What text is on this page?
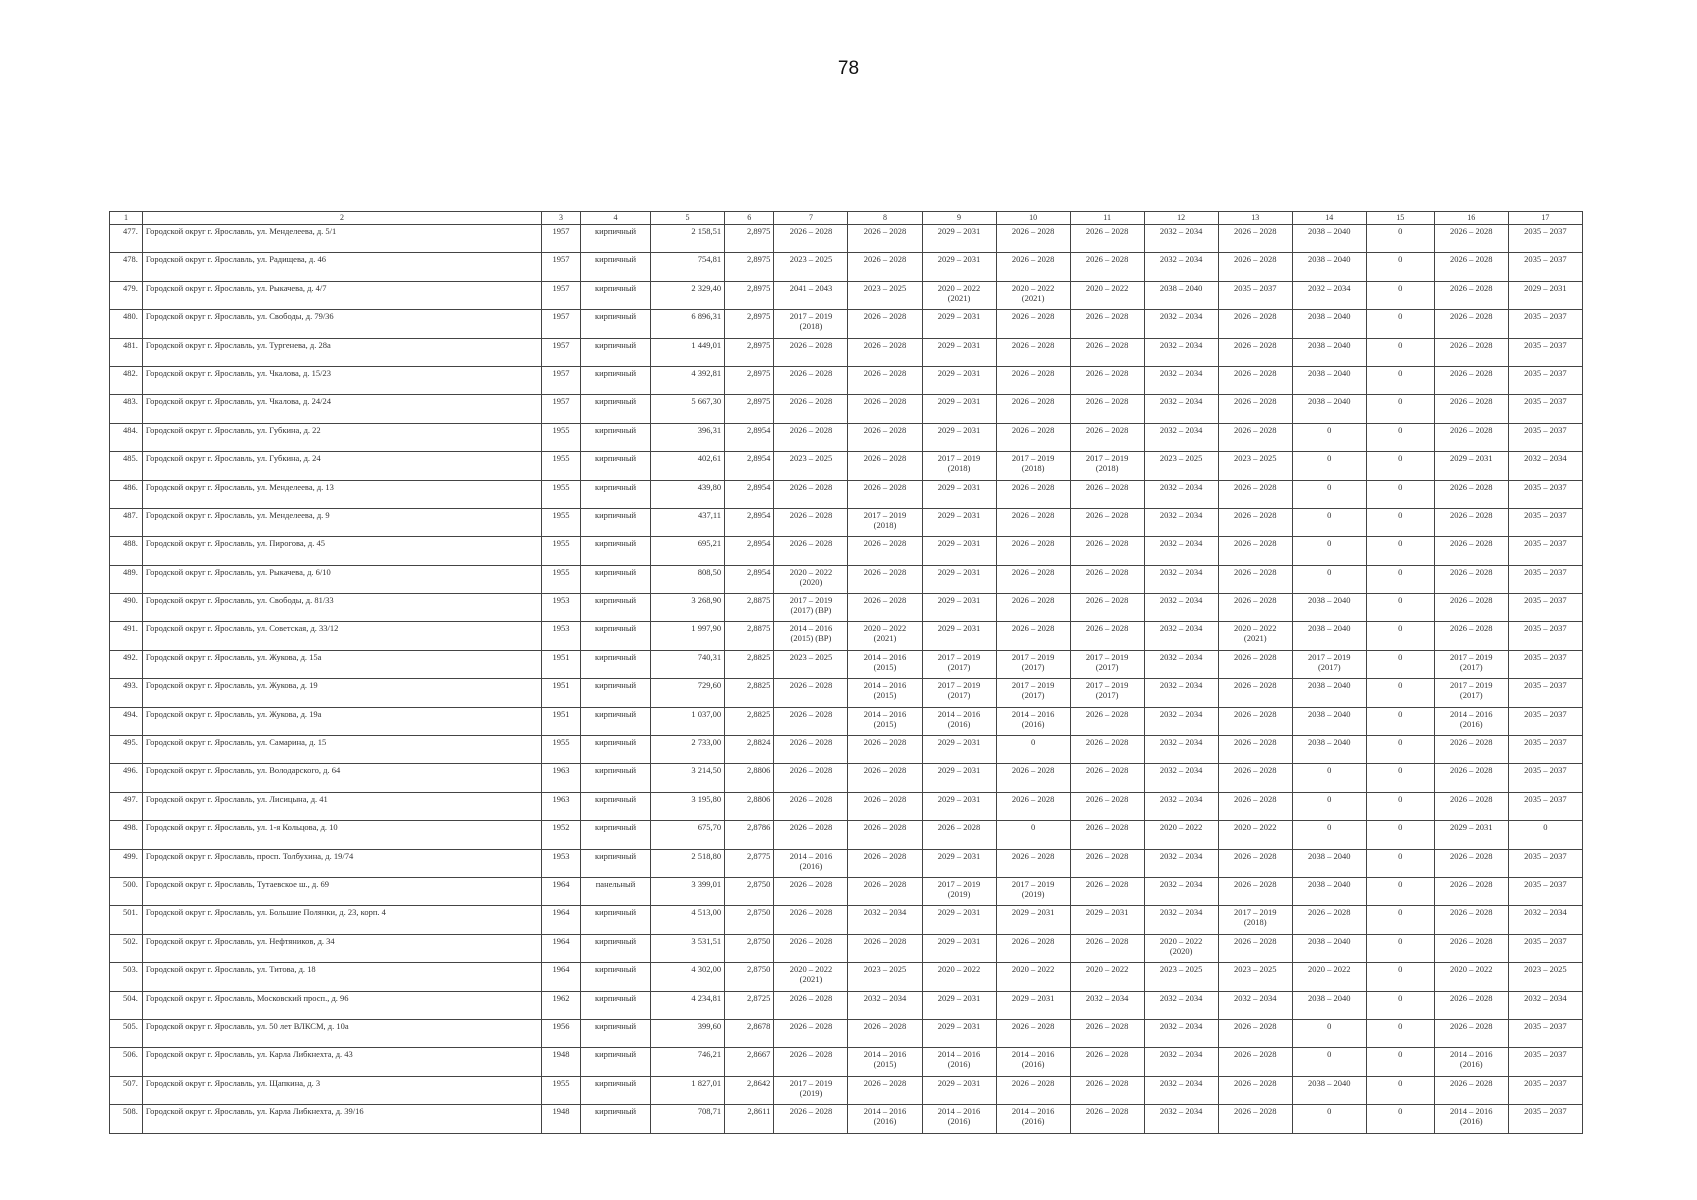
78
1	2	3	4	5	6	7	8	9	10	11	12	13	14	15	16	17
477.	Городской округ г. Ярославль, ул. Менделеева, д. 5/1	1957	кирпичный	2 158,51	2,8975	2026 – 2028	2026 – 2028	2029 – 2031	2026 – 2028	2026 – 2028	2032 – 2034	2026 – 2028	2038 – 2040	0	2026 – 2028	2035 – 2037
478.	Городской округ г. Ярославль, ул. Радищева, д. 46	1957	кирпичный	754,81	2,8975	2023 – 2025	2026 – 2028	2029 – 2031	2026 – 2028	2026 – 2028	2032 – 2034	2026 – 2028	2038 – 2040	0	2026 – 2028	2035 – 2037
479.	Городской округ г. Ярославль, ул. Рыкачева, д. 4/7	1957	кирпичный	2 329,40	2,8975	2041 – 2043	2023 – 2025	2020 – 2022
(2021)	2020 – 2022
(2021)	2020 – 2022	2038 – 2040	2035 – 2037	2032 – 2034	0	2026 – 2028	2029 – 2031
480.	Городской округ г. Ярославль, ул. Свободы, д. 79/36	1957	кирпичный	6 896,31	2,8975	2017 – 2019
(2018)	2026 – 2028	2029 – 2031	2026 – 2028	2026 – 2028	2032 – 2034	2026 – 2028	2038 – 2040	0	2026 – 2028	2035 – 2037
481.	Городской округ г. Ярославль, ул. Тургенева, д. 28а	1957	кирпичный	1 449,01	2,8975	2026 – 2028	2026 – 2028	2029 – 2031	2026 – 2028	2026 – 2028	2032 – 2034	2026 – 2028	2038 – 2040	0	2026 – 2028	2035 – 2037
482.	Городской округ г. Ярославль, ул. Чкалова, д. 15/23	1957	кирпичный	4 392,81	2,8975	2026 – 2028	2026 – 2028	2029 – 2031	2026 – 2028	2026 – 2028	2032 – 2034	2026 – 2028	2038 – 2040	0	2026 – 2028	2035 – 2037
483.	Городской округ г. Ярославль, ул. Чкалова, д. 24/24	1957	кирпичный	5 667,30	2,8975	2026 – 2028	2026 – 2028	2029 – 2031	2026 – 2028	2026 – 2028	2032 – 2034	2026 – 2028	2038 – 2040	0	2026 – 2028	2035 – 2037
484.	Городской округ г. Ярославль, ул. Губкина, д. 22	1955	кирпичный	396,31	2,8954	2026 – 2028	2026 – 2028	2029 – 2031	2026 – 2028	2026 – 2028	2032 – 2034	2026 – 2028	0	0	2026 – 2028	2035 – 2037
485.	Городской округ г. Ярославль, ул. Губкина, д. 24	1955	кирпичный	402,61	2,8954	2023 – 2025	2026 – 2028	2017 – 2019
(2018)	2017 – 2019
(2018)	2017 – 2019
(2018)	2023 – 2025	2023 – 2025	0	0	2029 – 2031	2032 – 2034
486.	Городской округ г. Ярославль, ул. Менделеева, д. 13	1955	кирпичный	439,80	2,8954	2026 – 2028	2026 – 2028	2029 – 2031	2026 – 2028	2026 – 2028	2032 – 2034	2026 – 2028	0	0	2026 – 2028	2035 – 2037
487.	Городской округ г. Ярославль, ул. Менделеева, д. 9	1955	кирпичный	437,11	2,8954	2026 – 2028	2017 – 2019
(2018)	2029 – 2031	2026 – 2028	2026 – 2028	2032 – 2034	2026 – 2028	0	0	2026 – 2028	2035 – 2037
488.	Городской округ г. Ярославль, ул. Пирогова, д. 45	1955	кирпичный	695,21	2,8954	2026 – 2028	2026 – 2028	2029 – 2031	2026 – 2028	2026 – 2028	2032 – 2034	2026 – 2028	0	0	2026 – 2028	2035 – 2037
489.	Городской округ г. Ярославль, ул. Рыкачева, д. 6/10	1955	кирпичный	808,50	2,8954	2020 – 2022
(2020)	2026 – 2028	2029 – 2031	2026 – 2028	2026 – 2028	2032 – 2034	2026 – 2028	0	0	2026 – 2028	2035 – 2037
490.	Городской округ г. Ярославль, ул. Свободы, д. 81/33	1953	кирпичный	3 268,90	2,8875	2017 – 2019
(2017) (ВР)	2026 – 2028	2029 – 2031	2026 – 2028	2026 – 2028	2032 – 2034	2026 – 2028	2038 – 2040	0	2026 – 2028	2035 – 2037
491.	Городской округ г. Ярославль, ул. Советская, д. 33/12	1953	кирпичный	1 997,90	2,8875	2014 – 2016
(2015) (ВР)	2020 – 2022
(2021)	2029 – 2031	2026 – 2028	2026 – 2028	2032 – 2034	2020 – 2022
(2021)	2038 – 2040	0	2026 – 2028	2035 – 2037
492.	Городской округ г. Ярославль, ул. Жукова, д. 15а	1951	кирпичный	740,31	2,8825	2023 – 2025	2014 – 2016
(2015)	2017 – 2019
(2017)	2017 – 2019
(2017)	2017 – 2019
(2017)	2032 – 2034	2026 – 2028	2017 – 2019
(2017)	0	2017 – 2019
(2017)	2035 – 2037
493.	Городской округ г. Ярославль, ул. Жукова, д. 19	1951	кирпичный	729,60	2,8825	2026 – 2028	2014 – 2016
(2015)	2017 – 2019
(2017)	2017 – 2019
(2017)	2017 – 2019
(2017)	2032 – 2034	2026 – 2028	2038 – 2040	0	2017 – 2019
(2017)	2035 – 2037
494.	Городской округ г. Ярославль, ул. Жукова, д. 19а	1951	кирпичный	1 037,00	2,8825	2026 – 2028	2014 – 2016
(2015)	2014 – 2016
(2016)	2014 – 2016
(2016)	2026 – 2028	2032 – 2034	2026 – 2028	2038 – 2040	0	2014 – 2016
(2016)	2035 – 2037
495.	Городской округ г. Ярославль, ул. Самарина, д. 15	1955	кирпичный	2 733,00	2,8824	2026 – 2028	2026 – 2028	2029 – 2031	0	2026 – 2028	2032 – 2034	2026 – 2028	2038 – 2040	0	2026 – 2028	2035 – 2037
496.	Городской округ г. Ярославль, ул. Володарского, д. 64	1963	кирпичный	3 214,50	2,8806	2026 – 2028	2026 – 2028	2029 – 2031	2026 – 2028	2026 – 2028	2032 – 2034	2026 – 2028	0	0	2026 – 2028	2035 – 2037
497.	Городской округ г. Ярославль, ул. Лисицына, д. 41	1963	кирпичный	3 195,80	2,8806	2026 – 2028	2026 – 2028	2029 – 2031	2026 – 2028	2026 – 2028	2032 – 2034	2026 – 2028	0	0	2026 – 2028	2035 – 2037
498.	Городской округ г. Ярославль, ул. 1-я Кольцова, д. 10	1952	кирпичный	675,70	2,8786	2026 – 2028	2026 – 2028	2026 – 2028	0	2026 – 2028	2020 – 2022	2020 – 2022	0	0	2029 – 2031	0
499.	Городской округ г. Ярославль, просп. Толбухина, д. 19/74	1953	кирпичный	2 518,80	2,8775	2014 – 2016
(2016)	2026 – 2028	2029 – 2031	2026 – 2028	2026 – 2028	2032 – 2034	2026 – 2028	2038 – 2040	0	2026 – 2028	2035 – 2037
500.	Городской округ г. Ярославль, Тутаевское ш., д. 69	1964	панельный	3 399,01	2,8750	2026 – 2028	2026 – 2028	2017 – 2019
(2019)	2017 – 2019
(2019)	2026 – 2028	2032 – 2034	2026 – 2028	2038 – 2040	0	2026 – 2028	2035 – 2037
501.	Городской округ г. Ярославль, ул. Большие Полянки, д. 23, корп. 4	1964	кирпичный	4 513,00	2,8750	2026 – 2028	2032 – 2034	2029 – 2031	2029 – 2031	2029 – 2031	2032 – 2034	2017 – 2019
(2018)	2026 – 2028	0	2026 – 2028	2032 – 2034
502.	Городской округ г. Ярославль, ул. Нефтяников, д. 34	1964	кирпичный	3 531,51	2,8750	2026 – 2028	2026 – 2028	2029 – 2031	2026 – 2028	2026 – 2028	2020 – 2022
(2020)	2026 – 2028	2038 – 2040	0	2026 – 2028	2035 – 2037
503.	Городской округ г. Ярославль, ул. Титова, д. 18	1964	кирпичный	4 302,00	2,8750	2020 – 2022
(2021)	2023 – 2025	2020 – 2022	2020 – 2022	2020 – 2022	2023 – 2025	2023 – 2025	2020 – 2022	0	2020 – 2022	2023 – 2025
504.	Городской округ г. Ярославль, Московский просп., д. 96	1962	кирпичный	4 234,81	2,8725	2026 – 2028	2032 – 2034	2029 – 2031	2029 – 2031	2032 – 2034	2032 – 2034	2032 – 2034	2038 – 2040	0	2026 – 2028	2032 – 2034
505.	Городской округ г. Ярославль, ул. 50 лет ВЛКСМ, д. 10а	1956	кирпичный	399,60	2,8678	2026 – 2028	2026 – 2028	2029 – 2031	2026 – 2028	2026 – 2028	2032 – 2034	2026 – 2028	0	0	2026 – 2028	2035 – 2037
506.	Городской округ г. Ярославль, ул. Карла Либкнехта, д. 43	1948	кирпичный	746,21	2,8667	2026 – 2028	2014 – 2016
(2015)	2014 – 2016
(2016)	2014 – 2016
(2016)	2026 – 2028	2032 – 2034	2026 – 2028	0	0	2014 – 2016
(2016)	2035 – 2037
507.	Городской округ г. Ярославль, ул. Щапкина, д. 3	1955	кирпичный	1 827,01	2,8642	2017 – 2019
(2019)	2026 – 2028	2029 – 2031	2026 – 2028	2026 – 2028	2032 – 2034	2026 – 2028	2038 – 2040	0	2026 – 2028	2035 – 2037
508.	Городской округ г. Ярославль, ул. Карла Либкнехта, д. 39/16	1948	кирпичный	708,71	2,8611	2026 – 2028	2014 – 2016
(2016)	2014 – 2016
(2016)	2014 – 2016
(2016)	2026 – 2028	2032 – 2034	2026 – 2028	0	0	2014 – 2016
(2016)	2035 – 2037
